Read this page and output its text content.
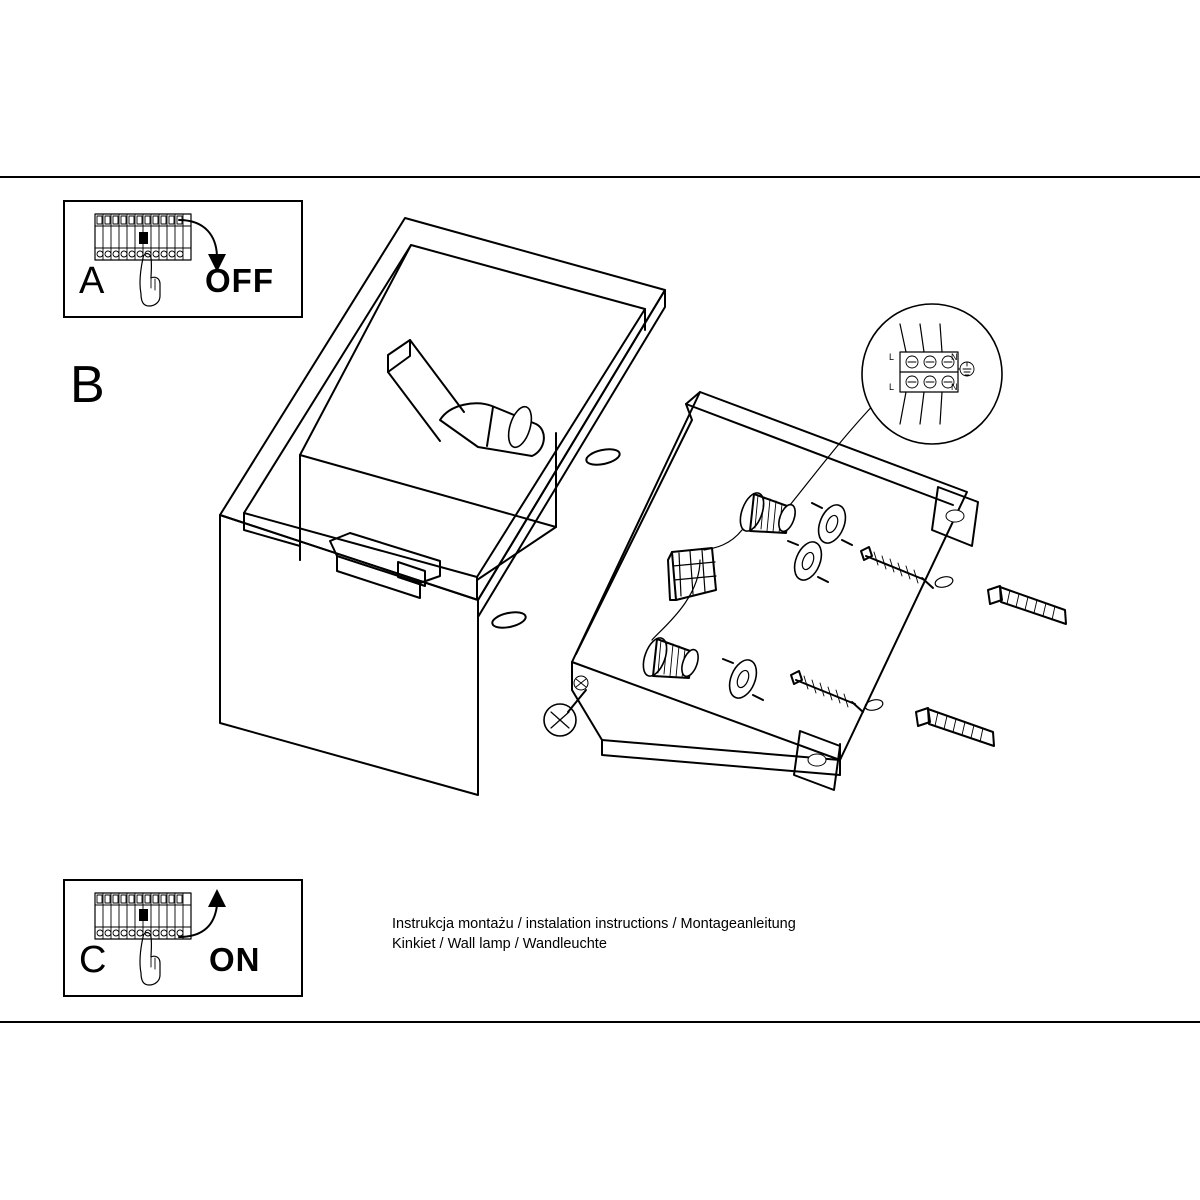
L
L
N
N
A	OFF
C	ON
B
Instrukcja montażu / instalation instructions / Montageanleitung
Kinkiet / Wall lamp / Wandleuchte
